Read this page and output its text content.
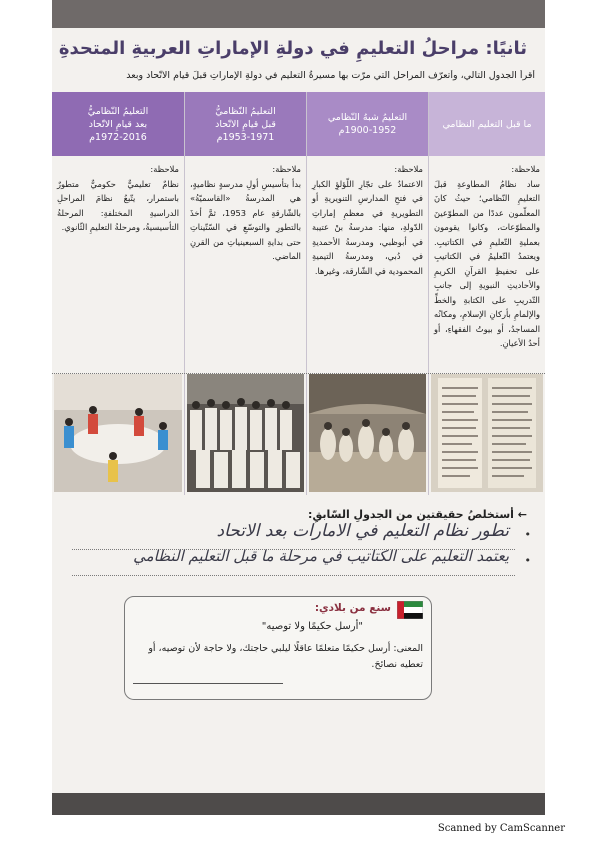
ثانيًا: مراحلُ التعليمِ في دولةِ الإماراتِ العربيةِ المتحدةِ
أقرأ الجدول التالي، وأتعرّف المراحل التي مرّت بها مسيرةُ التعليمِ في دولةِ الإماراتِ قبلَ قيامِ الاتّحاد وبعد
ما قبل التعليم النظامي
ملاحظة:
ساد نظامُ المطاوعةِ قبلَ التعليمِ النّظامي؛ حيثُ كانَ المعلّمون عددًا من المطوّعينَ والمطوّعات، وكانوا يقومون بعمليةِ التّعليمِ في الكتاتيبِ. ويعتمدُ التّعليمُ في الكتاتيبِ على تحفيظِ القرآنِ الكريمِ والأحاديثِ النبويةِ إلى جانبِ التّدريبِ على الكتابةِ والخطِّ والإلمامِ بأركانِ الإسلامِ، ومكانُه المساجدُ، أو بيوتُ الفقهاءِ، أو أحدُ الأعيانِ.
التعليمُ شبهُ النّظامي
1900-1952م
ملاحظة:
الاعتمادُ على تجّارِ اللّؤلؤِ الكبارِ في فتحِ المدارسِ التنويريةِ أو التطويريةِ في معظمِ إماراتِ الدّولةِ، منها: مدرسةُ بنْ عتيبة في أبوظبي، ومدرسةُ الأحمديةِ في دُبي، ومدرسةُ التيميةِ المحمودية في الشّارقة، وغيرها.
التعليمُ النّظاميُّ
قبل قيامِ الاتّحاد
1953-1971م
ملاحظة:
بدأ بتأسيسِ أولِ مدرسةٍ نظاميةٍ، هي المدرسةُ «القاسميّةُ» بالشّارقةِ عام 1953، ثمَّ أخذَ بالتطورِ والتوسّعِ في السّتّيناتِ حتى بدايةِ السبعينياتِ من القرنِ الماضي.
التعليمُ النّظاميُّ
بعد قيامِ الاتّحاد
1972-2016م
ملاحظة:
نظامٌ تعليميٌّ حكوميٌّ متطورٌ باستمرار، يتّبعُ نظامَ المراحلِ الدراسيةِ المختلفةِ: المرحلةُ التأسيسيةُ، ومرحلةُ التعليمِ الثّانوي.
← أستخلصُ حقيقتين من الجدولِ السّابقِ:
•
تطور نظام التعليم في الامارات بعد الاتحاد
•
يعتمد التعليم على الكتاتيب في مرحلة ما قبل التعليم النظامي
سنع من بلادي:
"أرسل حكيمًا ولا توصيه"
المعنى: أرسل حكيمًا متعلمًا عاقلًا ليلبي حاجتك، ولا حاجة لأن توصيه، أو تعطيه نصائحَ.
Scanned by CamScanner
